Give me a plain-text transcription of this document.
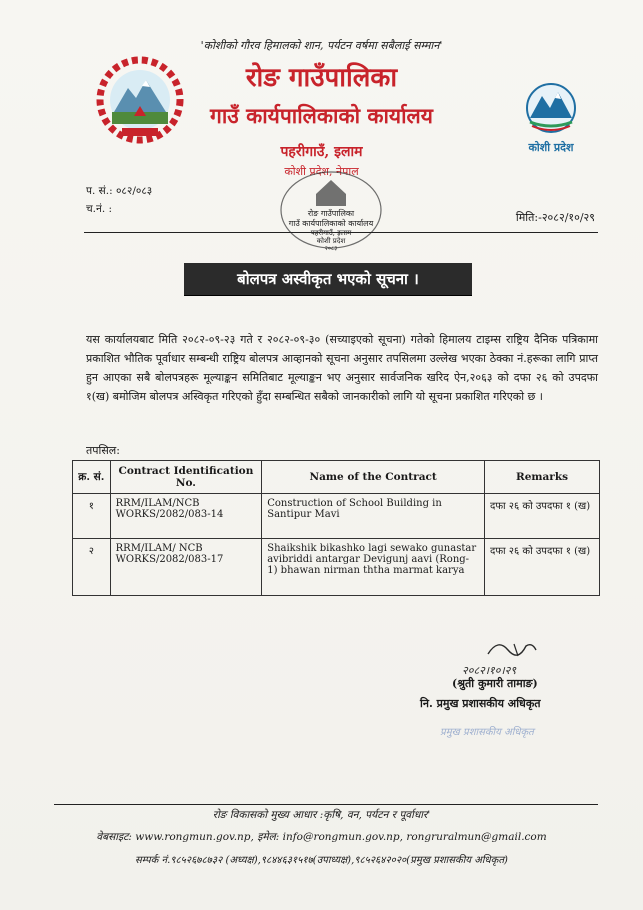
कोशी प्रदेश
'कोशीको गौरव हिमालको शान, पर्यटन वर्षमा सबैलाई सम्मान'
रोङ गाउँपालिका
गाउँ कार्यपालिकाको कार्यालय
पहरीगाउँ, इलाम
कोशी प्रदेश, नेपाल
प. सं.: ०८२/०८३
च.नं. :	रोङ गाउँपालिका
गाउँ कार्यपालिकाको कार्यालय
पहरीगाउँ, इलाम
कोशी प्रदेश
२०८३
मिति:-२०८२/१०/२९
बोलपत्र अस्वीकृत भएको सूचना ।
यस कार्यालयबाट मिति २०८२-०९-२३ गते र २०८२-०९-३० (सच्याइएको सूचना) गतेको हिमालय टाइम्स राष्ट्रिय दैनिक पत्रिकामा प्रकाशित भौतिक पूर्वाधार सम्बन्धी राष्ट्रिय बोलपत्र आव्हानको सूचना अनुसार तपसिलमा उल्लेख भएका ठेक्का नं.हरूका लागि प्राप्त हुन आएका सबै बोलपत्रहरू मूल्याङ्कन समितिबाट मूल्याङ्कन भए अनुसार सार्वजनिक खरिद ऐन,२०६३ को दफा २६ को उपदफा १(ख) बमोजिम बोलपत्र अस्विकृत गरिएको हुँदा सम्बन्धित सबैको जानकारीको लागि यो सूचना प्रकाशित गरिएको छ ।
तपसिल:
क्र. सं.	Contract Identification No.	Name of the Contract	Remarks
१	RRM/ILAM/NCB WORKS/2082/083-14	Construction of School Building in Santipur Mavi	दफा २६ को उपदफा १ (ख)
२	RRM/ILAM/ NCB WORKS/2082/083-17	Shaikshik bikashko lagi sewako gunastar avibriddi antargar Devigunj aavi (Rong-1) bhawan nirman ththa marmat karya	दफा २६ को उपदफा १ (ख)
२०८२।१०।२९
(श्रुती कुमारी तामाङ)
नि. प्रमुख प्रशासकीय अधिकृत
प्रमुख प्रशासकीय अधिकृत
रोङ विकासको मुख्य आधार :कृषि, वन, पर्यटन र पूर्वाधार'
वेबसाइट: www.rongmun.gov.np, इमेल: info@rongmun.gov.np, rongruralmun@gmail.com
सम्पर्क नं.९८५२६७८७३२ (अध्यक्ष),९८४४६३१५१७(उपाध्यक्ष),९८५२६४२०२०(प्रमुख प्रशासकीय अधिकृत)
